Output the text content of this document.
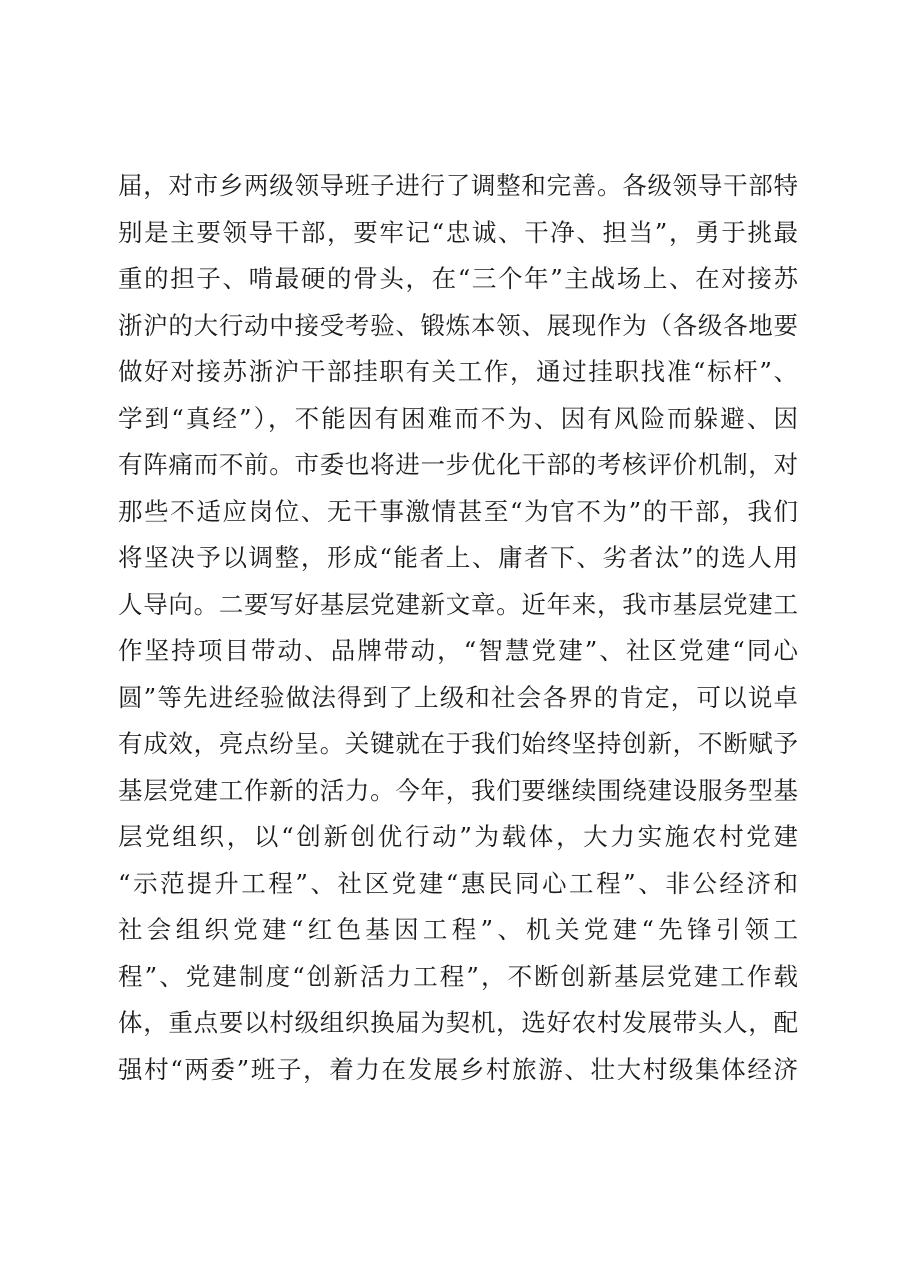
届，对市乡两级领导班子进行了调整和完善。各级领导干部特
别是主要领导干部，要牢记“忠诚、干净、担当”，勇于挑最
重的担子、啃最硬的骨头，在“三个年”主战场上、在对接苏
浙沪的大行动中接受考验、锻炼本领、展现作为（各级各地要
做好对接苏浙沪干部挂职有关工作，通过挂职找准“标杆”、
学到“真经”），不能因有困难而不为、因有风险而躲避、因
有阵痛而不前。市委也将进一步优化干部的考核评价机制，对
那些不适应岗位、无干事激情甚至“为官不为”的干部，我们
将坚决予以调整，形成“能者上、庸者下、劣者汰”的选人用
人导向。二要写好基层党建新文章。近年来，我市基层党建工
作坚持项目带动、品牌带动，“智慧党建”、社区党建“同心
圆”等先进经验做法得到了上级和社会各界的肯定，可以说卓
有成效，亮点纷呈。关键就在于我们始终坚持创新，不断赋予
基层党建工作新的活力。今年，我们要继续围绕建设服务型基
层党组织，以“创新创优行动”为载体，大力实施农村党建
“示范提升工程”、社区党建“惠民同心工程”、非公经济和
社会组织党建“红色基因工程”、机关党建“先锋引领工
程”、党建制度“创新活力工程”，不断创新基层党建工作载
体，重点要以村级组织换届为契机，选好农村发展带头人，配
强村“两委”班子，着力在发展乡村旅游、壮大村级集体经济
